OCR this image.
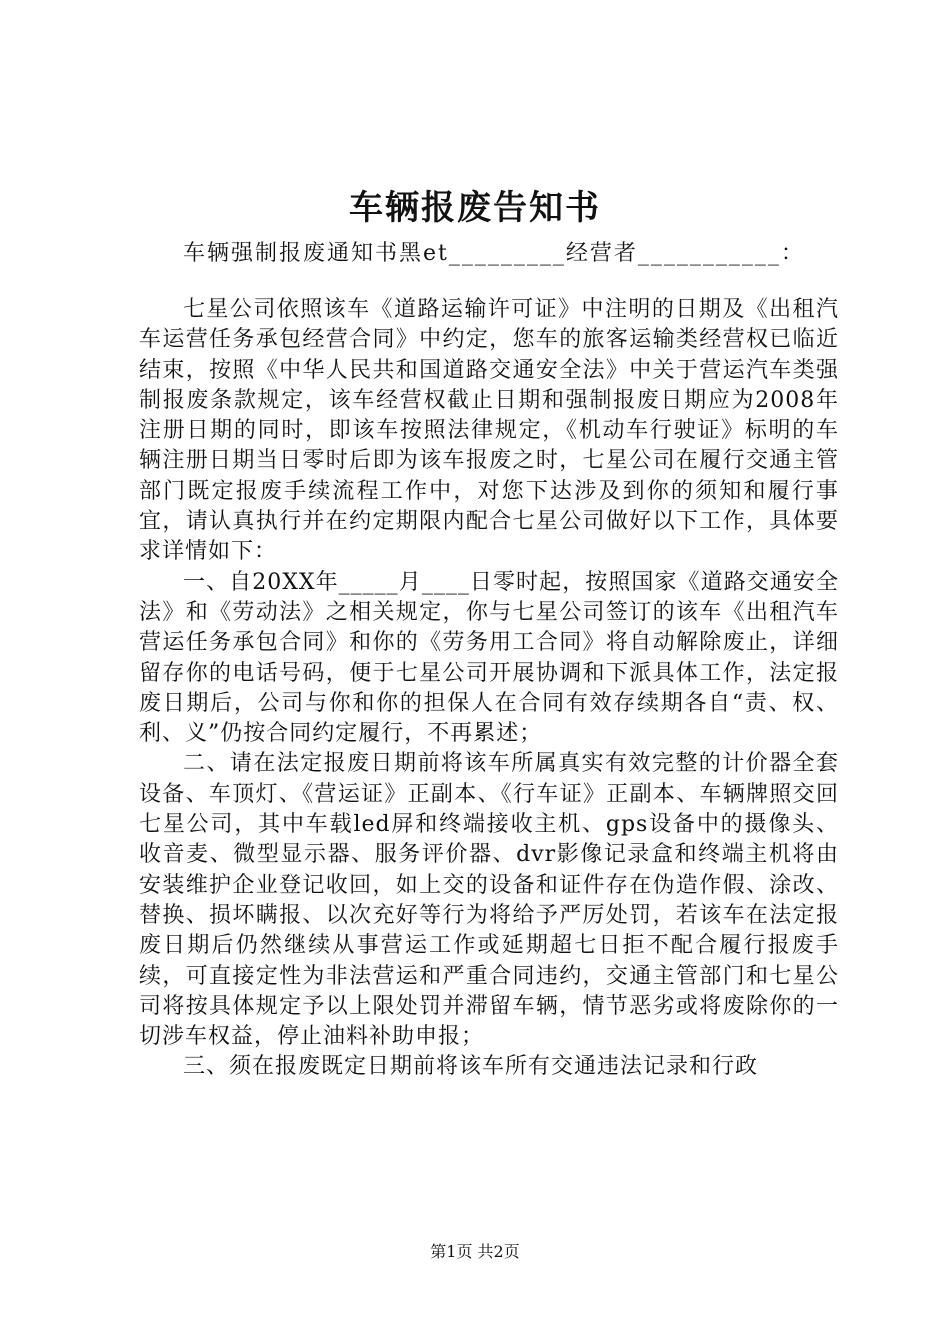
车辆报废告知书

车辆强制报废通知书黑et_________经营者___________：

七星公司依照该车《道路运输许可证》中注明的日期及《出租汽车运营任务承包经营合同》中约定，您车的旅客运输类经营权已临近结束，按照《中华人民共和国道路交通安全法》中关于营运汽车类强制报废条款规定，该车经营权截止日期和强制报废日期应为2008年注册日期的同时，即该车按照法律规定，《机动车行驶证》标明的车辆注册日期当日零时后即为该车报废之时，七星公司在履行交通主管部门既定报废手续流程工作中，对您下达涉及到你的须知和履行事宜，请认真执行并在约定期限内配合七星公司做好以下工作，具体要求详情如下：

一、自20XX年_____月____日零时起，按照国家《道路交通安全法》和《劳动法》之相关规定，你与七星公司签订的该车《出租汽车营运任务承包合同》和你的《劳务用工合同》将自动解除废止，详细留存你的电话号码，便于七星公司开展协调和下派具体工作，法定报废日期后，公司与你和你的担保人在合同有效存续期各自“责、权、利、义”仍按合同约定履行，不再累述；

二、请在法定报废日期前将该车所属真实有效完整的计价器全套设备、车顶灯、《营运证》正副本、《行车证》正副本、车辆牌照交回七星公司，其中车载led屏和终端接收主机、gps设备中的摄像头、收音麦、微型显示器、服务评价器、dvr影像记录盒和终端主机将由安装维护企业登记收回，如上交的设备和证件存在伪造作假、涂改、替换、损坏瞒报、以次充好等行为将给予严厉处罚，若该车在法定报废日期后仍然继续从事营运工作或延期超七日拒不配合履行报废手续，可直接定性为非法营运和严重合同违约，交通主管部门和七星公司将按具体规定予以上限处罚并滞留车辆，情节恶劣或将废除你的一切涉车权益，停止油料补助申报；

三、须在报废既定日期前将该车所有交通违法记录和行政

第1页 共2页
